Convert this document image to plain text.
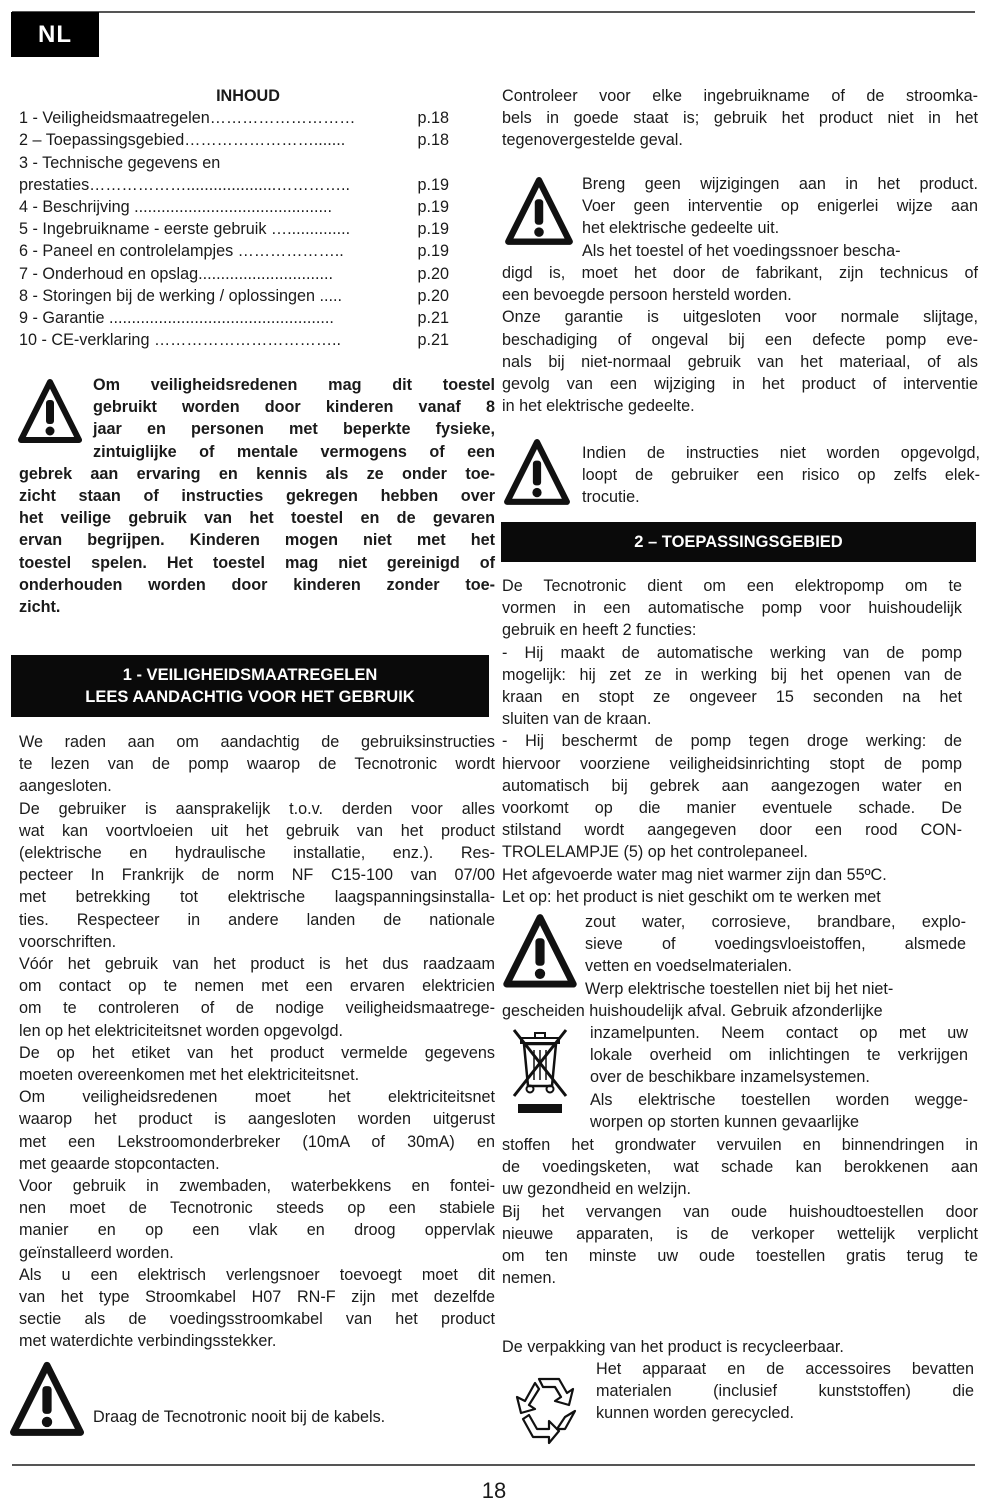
NL
INHOUD
1 - Veiligheidsmaatregelen………………………	p.18
2 – Toepassingsgebied…………………….......	p.18
3 - Technische gegevens en
prestaties………………....................…………..	p.19
4 - Beschrijving ............................................	p.19
5 - Ingebruikname - eerste gebruik …..............	p.19
6 - Paneel en controlelampjes ………………..	p.19
7 - Onderhoud en opslag..............................	p.20
8 - Storingen bij de werking / oplossingen .....	p.20
9 - Garantie ..................................................	p.21
10 - CE-verklaring ……………………………..	p.21
Om veiligheidsredenen mag dit toestel
gebruikt worden door kinderen vanaf 8
jaar en personen met beperkte fysieke,
zintuiglijke of mentale vermogens of een
gebrek aan ervaring en kennis als ze onder toe-
zicht staan of instructies gekregen hebben over
het veilige gebruik van het toestel en de gevaren
ervan begrijpen. Kinderen mogen niet met het
toestel spelen. Het toestel mag niet gereinigd of
onderhouden worden door kinderen zonder toe-
zicht.
1 - VEILIGHEIDSMAATREGELEN
LEES AANDACHTIG VOOR HET GEBRUIK
We raden aan om aandachtig de gebruiksinstructies
te lezen van de pomp waarop de Tecnotronic wordt
aangesloten.
De gebruiker is aansprakelijk t.o.v. derden voor alles
wat kan voortvloeien uit het gebruik van het product
(elektrische en hydraulische installatie, enz.). Res-
pecteer In Frankrijk de norm NF C15-100 van 07/00
met betrekking tot elektrische laagspanningsinstalla-
ties. Respecteer in andere landen de nationale
voorschriften.
Vóór het gebruik van het product is het dus raadzaam
om contact op te nemen met een ervaren elektricien
om te controleren of de nodige veiligheidsmaatrege-
len op het elektriciteitsnet worden opgevolgd.
De op het etiket van het product vermelde gegevens
moeten overeenkomen met het elektriciteitsnet.
Om veiligheidsredenen moet het elektriciteitsnet
waarop het product is aangesloten worden uitgerust
met een Lekstroomonderbreker (10mA of 30mA) en
met geaarde stopcontacten.
Voor gebruik in zwembaden, waterbekkens en fontei-
nen moet de Tecnotronic steeds op een stabiele
manier en op een vlak en droog oppervlak
geïnstalleerd worden.
Als u een elektrisch verlengsnoer toevoegt moet dit
van het type Stroomkabel H07 RN-F zijn met dezelfde
sectie als de voedingsstroomkabel van het product
met waterdichte verbindingsstekker.
Draag de Tecnotronic nooit bij de kabels.
Controleer voor elke ingebruikname of de stroomka-
bels in goede staat is; gebruik het product niet in het
tegenovergestelde geval.
Breng geen wijzigingen aan in het product.
Voer geen interventie op enigerlei wijze aan
het elektrische gedeelte uit.
Als het toestel of het voedingssnoer bescha-
digd is, moet het door de fabrikant, zijn technicus of
een bevoegde persoon hersteld worden.
Onze garantie is uitgesloten voor normale slijtage,
beschadiging of ongeval bij een defecte pomp eve-
nals bij niet-normaal gebruik van het materiaal, of als
gevolg van een wijziging in het product of interventie
in het elektrische gedeelte.
Indien de instructies niet worden opgevolgd,
loopt de gebruiker een risico op zelfs elek-
trocutie.
2 – TOEPASSINGSGEBIED
De Tecnotronic dient om een elektropomp om te
vormen in een automatische pomp voor huishoudelijk
gebruik en heeft 2 functies:
- Hij maakt de automatische werking van de pomp
mogelijk: hij zet ze in werking bij het openen van de
kraan en stopt ze ongeveer 15 seconden na het
sluiten van de kraan.
- Hij beschermt de pomp tegen droge werking: de
hiervoor voorziene veiligheidsinrichting stopt de pomp
automatisch bij gebrek aan aangezogen water en
voorkomt op die manier eventuele schade. De
stilstand wordt aangegeven door een rood CON-
TROLELAMPJE (5) op het controlepaneel.
Het afgevoerde water mag niet warmer zijn dan 55ºC.
Let op: het product is niet geschikt om te werken met
zout water, corrosieve, brandbare, explo-
sieve of voedingsvloeistoffen, alsmede
vetten en voedselmaterialen.
Werp elektrische toestellen niet bij het niet-
gescheiden huishoudelijk afval. Gebruik afzonderlijke
inzamelpunten. Neem contact op met uw
lokale overheid om inlichtingen te verkrijgen
over de beschikbare inzamelsystemen.
Als elektrische toestellen worden wegge-
worpen op storten kunnen gevaarlijke
stoffen het grondwater vervuilen en binnendringen in
de voedingsketen, wat schade kan berokkenen aan
uw gezondheid en welzijn.
Bij het vervangen van oude huishoudtoestellen door
nieuwe apparaten, is de verkoper wettelijk verplicht
om ten minste uw oude toestellen gratis terug te
nemen.
De verpakking van het product is recycleerbaar.
Het apparaat en de accessoires bevatten
materialen (inclusief kunststoffen) die
kunnen worden gerecycled.
18
